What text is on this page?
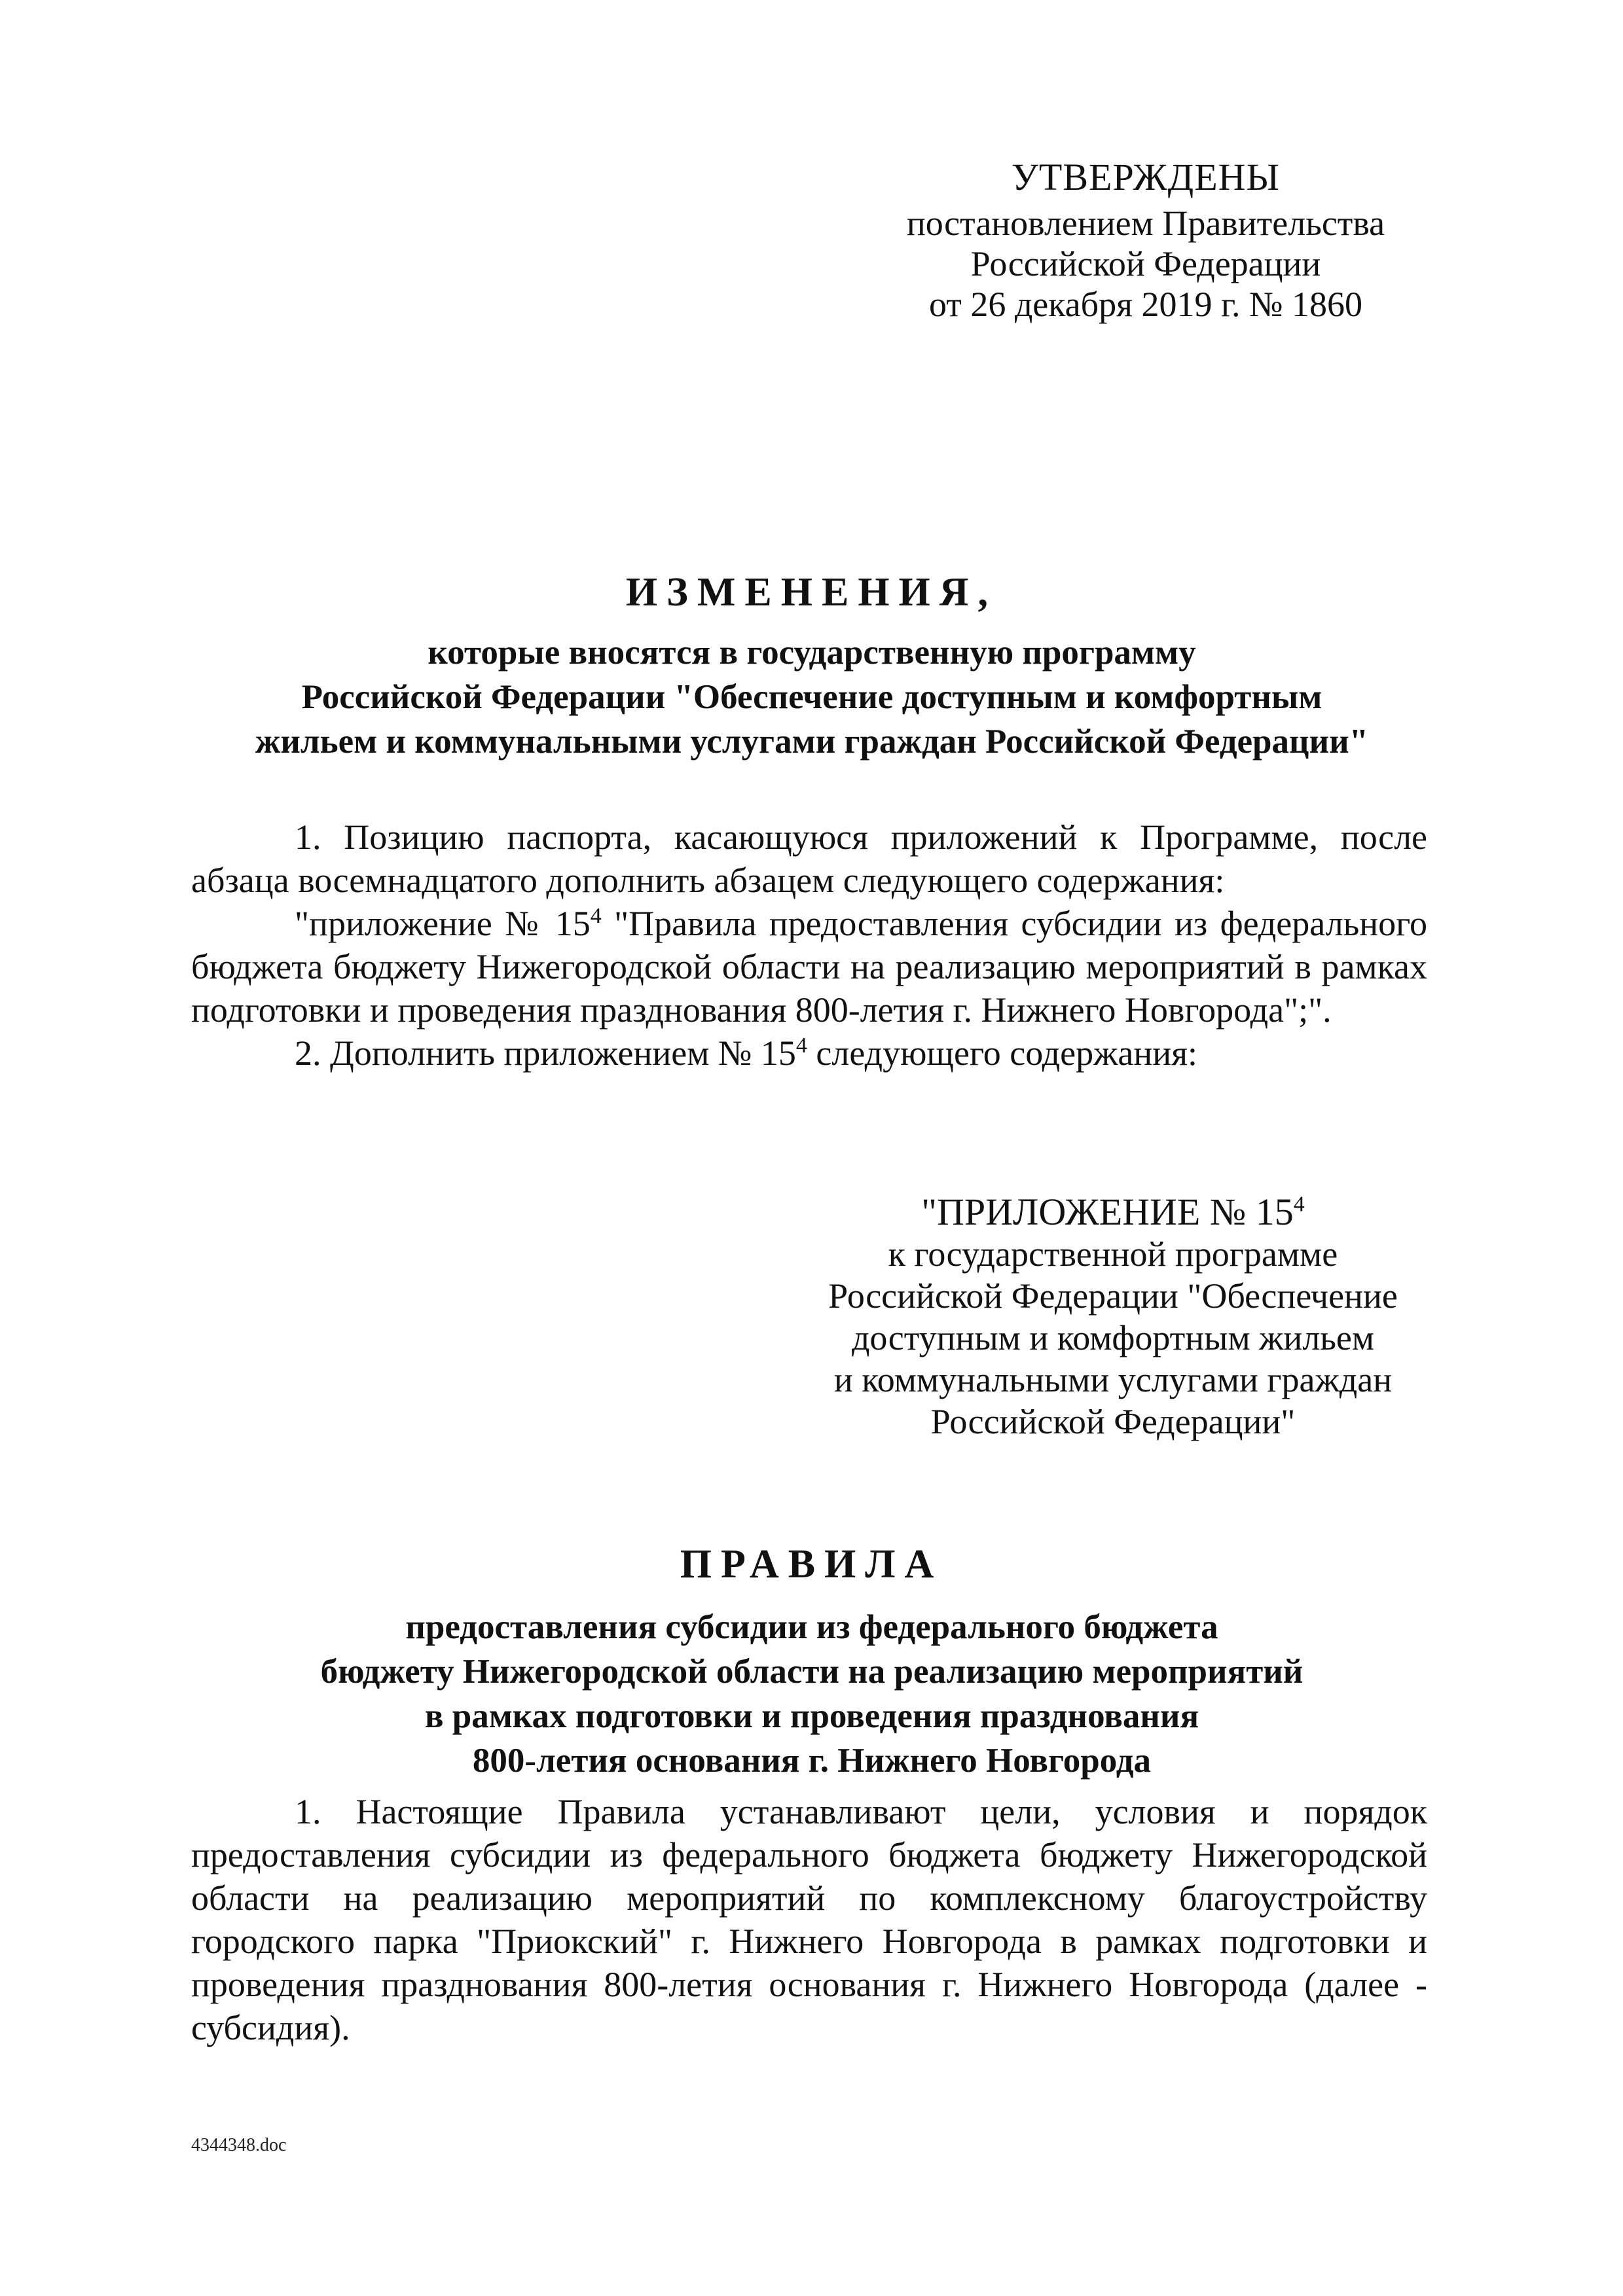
УТВЕРЖДЕНЫ
постановлением Правительства
Российской Федерации
от 26 декабря 2019 г. № 1860
ИЗМЕНЕНИЯ,
которые вносятся в государственную программу
Российской Федерации "Обеспечение доступным и комфортным
жильем и коммунальными услугами граждан Российской Федерации"

1. Позицию паспорта, касающуюся приложений к Программе, после абзаца восемнадцатого дополнить абзацем следующего содержания:

"приложение № $15^4$ "Правила предоставления субсидии из федерального бюджета бюджету Нижегородской области на реализацию мероприятий в рамках подготовки и проведения празднования 800-летия г. Нижнего Новгорода";".

2. Дополнить приложением № $15^4$ следующего содержания:

"ПРИЛОЖЕНИЕ № $15^4$
к государственной программе
Российской Федерации "Обеспечение
доступным и комфортным жильем
и коммунальными услугами граждан
Российской Федерации"
ПРАВИЛА
предоставления субсидии из федерального бюджета
бюджету Нижегородской области на реализацию мероприятий
в рамках подготовки и проведения празднования
800-летия основания г. Нижнего Новгорода

1. Настоящие Правила устанавливают цели, условия и порядок предоставления субсидии из федерального бюджета бюджету Нижегородской области на реализацию мероприятий по комплексному благоустройству городского парка "Приокский" г. Нижнего Новгорода в рамках подготовки и проведения празднования 800-летия основания г. Нижнего Новгорода (далее - субсидия).

4344348.doc
